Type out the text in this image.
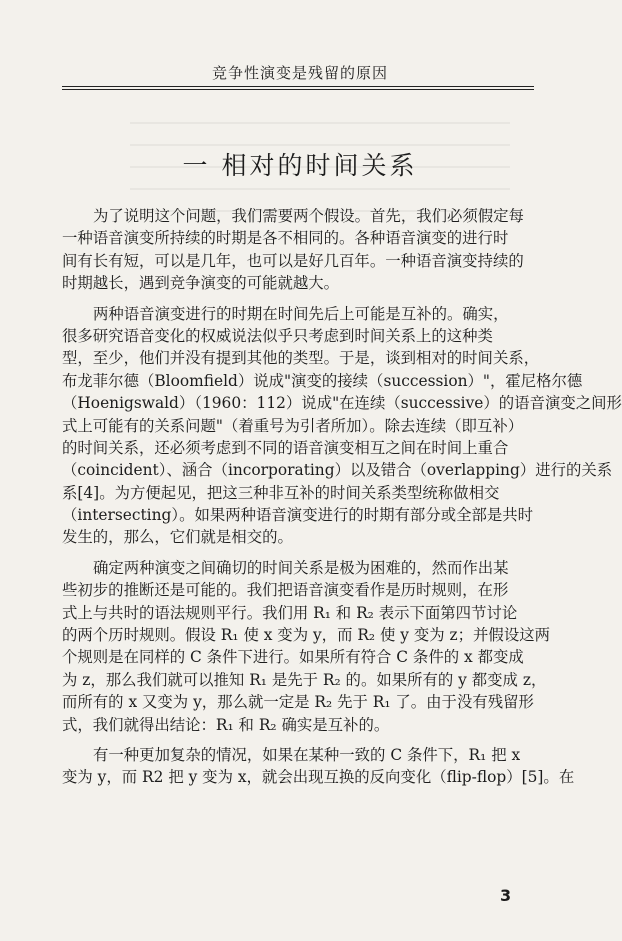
竞争性演变是残留的原因
一 相对的时间关系
为了说明这个问题，我们需要两个假设。首先，我们必须假定每
一种语音演变所持续的时期是各不相同的。各种语音演变的进行时
间有长有短，可以是几年，也可以是好几百年。一种语音演变持续的
时期越长，遇到竞争演变的可能就越大。
两种语音演变进行的时期在时间先后上可能是互补的。确实，
很多研究语音变化的权威说法似乎只考虑到时间关系上的这种类
型，至少，他们并没有提到其他的类型。于是，谈到相对的时间关系，
布龙菲尔德（Bloomfield）说成"演变的接续（succession）"，霍尼格尔德
（Hoenigswald）（1960：112）说成"在连续（successive）的语音演变之间形
式上可能有的关系问题"（着重号为引者所加）。除去连续（即互补）
的时间关系，还必须考虑到不同的语音演变相互之间在时间上重合
（coincident）、涵合（incorporating）以及错合（overlapping）进行的关系
系[4]。为方便起见，把这三种非互补的时间关系类型统称做相交
（intersecting）。如果两种语音演变进行的时期有部分或全部是共时
发生的，那么，它们就是相交的。
确定两种演变之间确切的时间关系是极为困难的，然而作出某
些初步的推断还是可能的。我们把语音演变看作是历时规则，在形
式上与共时的语法规则平行。我们用 R₁ 和 R₂ 表示下面第四节讨论
的两个历时规则。假设 R₁ 使 x 变为 y，而 R₂ 使 y 变为 z；并假设这两
个规则是在同样的 C 条件下进行。如果所有符合 C 条件的 x 都变成
为 z，那么我们就可以推知 R₁ 是先于 R₂ 的。如果所有的 y 都变成 z，
而所有的 x 又变为 y，那么就一定是 R₂ 先于 R₁ 了。由于没有残留形
式，我们就得出结论：R₁ 和 R₂ 确实是互补的。
有一种更加复杂的情况，如果在某种一致的 C 条件下，R₁ 把 x
变为 y，而 R2 把 y 变为 x，就会出现互换的反向变化（flip-flop）[5]。在
3
